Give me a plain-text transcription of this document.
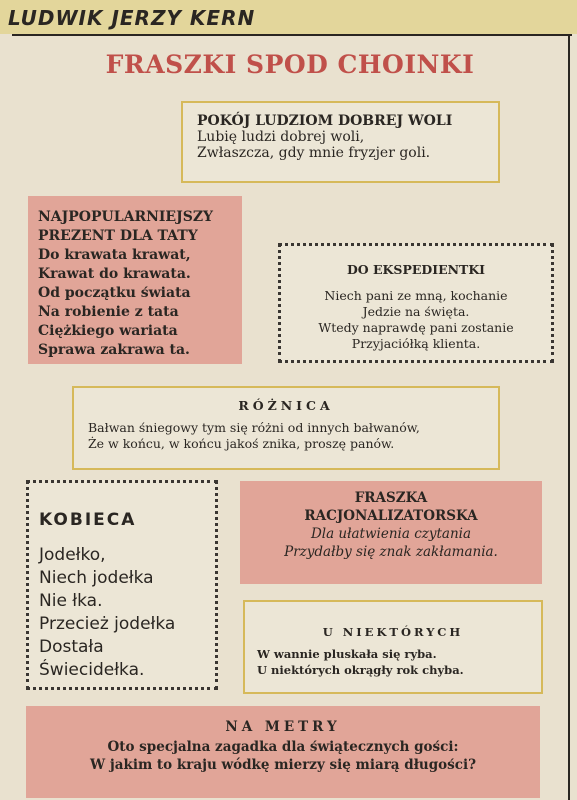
LUDWIK JERZY KERN
FRASZKI SPOD CHOINKI
POKÓJ LUDZIOM DOBREJ WOLI
Lubię ludzi dobrej woli,
Zwłaszcza, gdy mnie fryzjer goli.
NAJPOPULARNIEJSZY
PREZENT DLA TATY
Do krawata krawat,
Krawat do krawata.
Od początku świata
Na robienie z tata
Ciężkiego wariata
Sprawa zakrawa ta.
DO EKSPEDIENTKI
Niech pani ze mną, kochanie
Jedzie na święta.
Wtedy naprawdę pani zostanie
Przyjaciółką klienta.
RÓŻNICA
Bałwan śniegowy tym się różni od innych bałwanów,
Że w końcu, w końcu jakoś znika, proszę panów.
KOBIECA
Jodełko,
Niech jodełka
Nie łka.
Przecież jodełka
Dostała
Świecidełka.
FRASZKA
RACJONALIZATORSKA
Dla ułatwienia czytania
Przydałby się znak zakłamania.
U NIEKTÓRYCH
W wannie pluskała się ryba.
U niektórych okrągły rok chyba.
NA METRY
Oto specjalna zagadka dla świątecznych gości:
W jakim to kraju wódkę mierzy się miarą długości?
